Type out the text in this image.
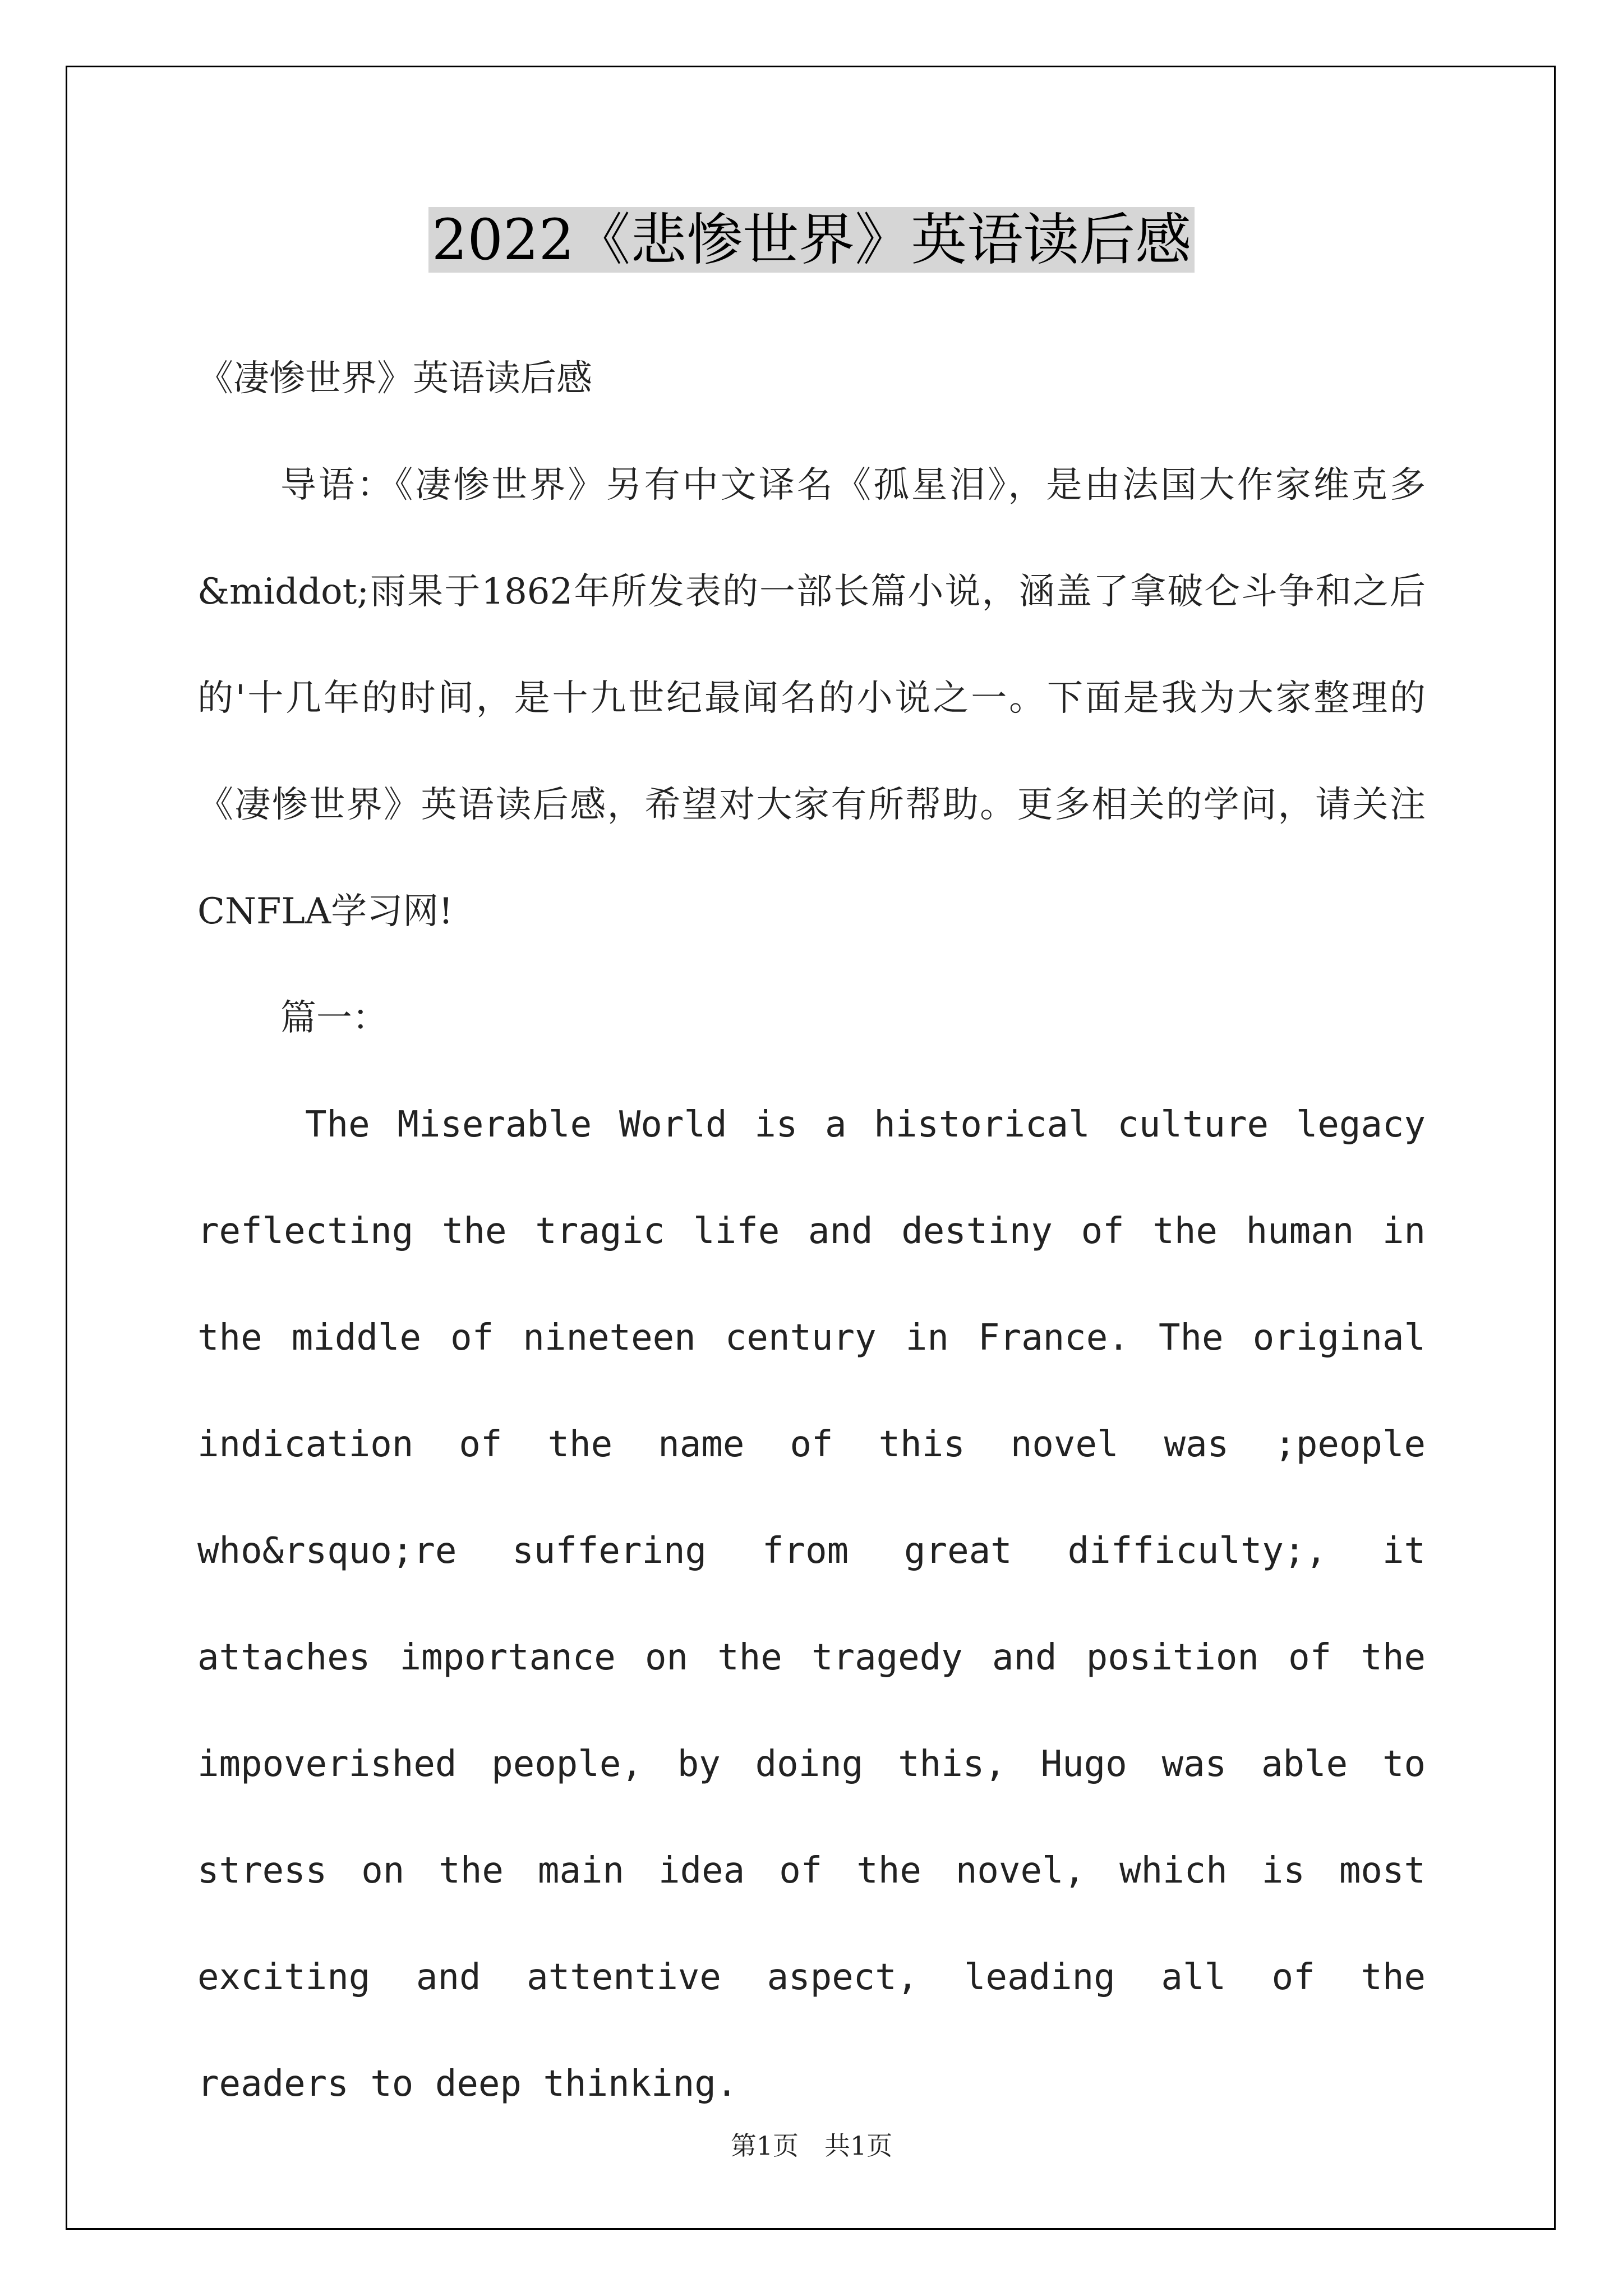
2022《悲惨世界》英语读后感
《凄惨世界》英语读后感
导语：《凄惨世界》另有中文译名《孤星泪》，是由法国大作家维克多&middot;雨果于1862年所发表的一部长篇小说，涵盖了拿破仑斗争和之后的'十几年的时间，是十九世纪最闻名的小说之一。下面是我为大家整理的《凄惨世界》英语读后感，希望对大家有所帮助。更多相关的学问，请关注CNFLA学习网!
篇一：
The Miserable World is a historical culture legacy reflecting the tragic life and destiny of the human in the middle of nineteen century in France. The original indication of the name of this novel was ;people who&rsquo;re suffering from great difficulty;, it attaches importance on the tragedy and position of the impoverished people, by doing this, Hugo was able to stress on the main idea of the novel, which is most exciting and attentive aspect, leading all of the readers to deep thinking.
第1页　共1页
